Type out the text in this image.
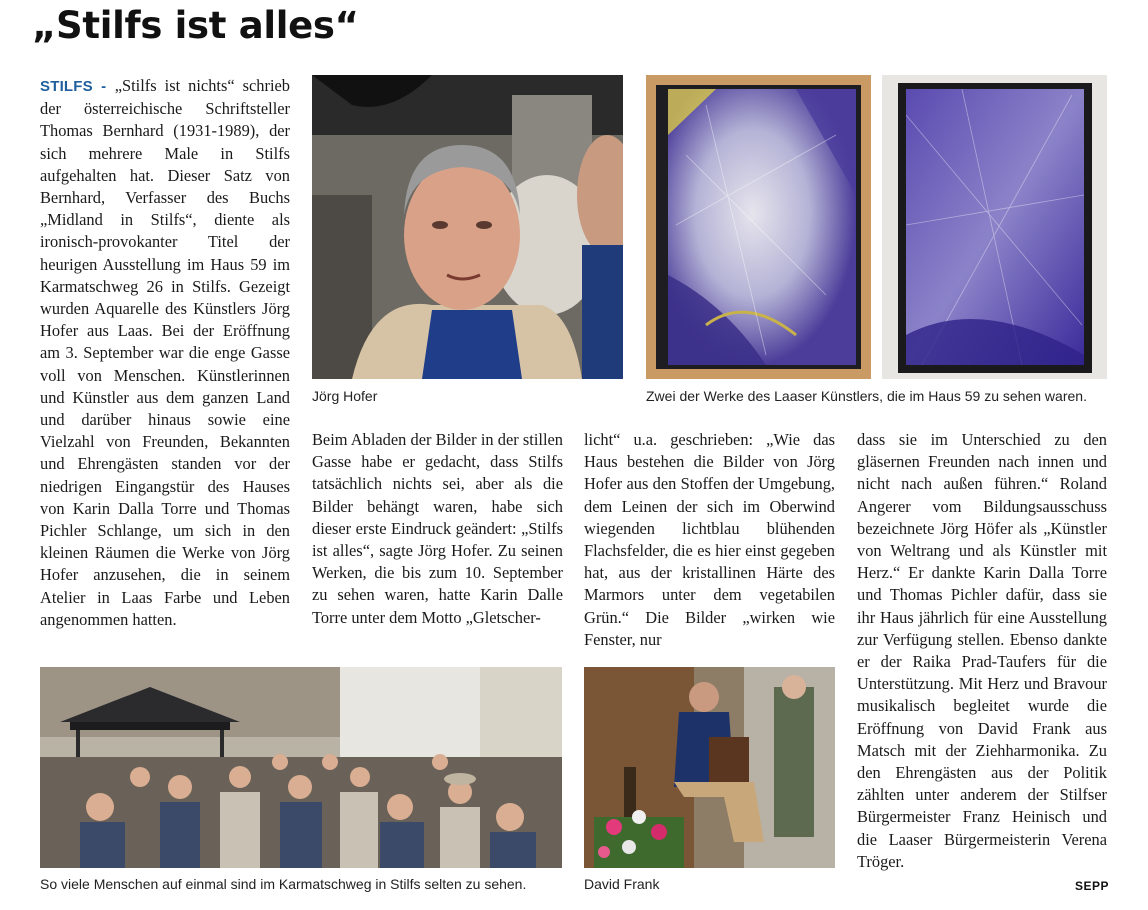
„Stilfs ist alles“

STILFS - „Stilfs ist nichts“ schrieb der österreichische Schriftsteller Thomas Bernhard (1931-1989), der sich mehrere Male in Stilfs aufgehalten hat. Dieser Satz von Bernhard, Verfasser des Buchs „Midland in Stilfs“, diente als ironisch-provokanter Titel der heurigen Ausstellung im Haus 59 im Karmatschweg 26 in Stilfs. Gezeigt wurden Aquarelle des Künstlers Jörg Hofer aus Laas. Bei der Eröffnung am 3. September war die enge Gasse voll von Menschen. Künstlerinnen und Künstler aus dem ganzen Land und darüber hinaus sowie eine Vielzahl von Freunden, Bekannten und Ehrengästen standen vor der niedrigen Eingangstür des Hauses von Karin Dalla Torre und Thomas Pichler Schlange, um sich in den kleinen Räumen die Werke von Jörg Hofer anzusehen, die in seinem Atelier in Laas Farbe und Leben angenommen hatten.

Jörg Hofer	Zwei der Werke des Laaser Künstlers, die im Haus 59 zu sehen waren.

Beim Abladen der Bilder in der stillen Gasse habe er gedacht, dass Stilfs tatsächlich nichts sei, aber als die Bilder behängt waren, habe sich dieser erste Eindruck geändert: „Stilfs ist alles“, sagte Jörg Hofer. Zu seinen Werken, die bis zum 10. September zu sehen waren, hatte Karin Dalle Torre unter dem Motto „Gletscher-

licht“ u.a. geschrieben: „Wie das Haus bestehen die Bilder von Jörg Hofer aus den Stoffen der Umgebung, dem Leinen der sich im Oberwind wiegenden lichtblau blühenden Flachsfelder, die es hier einst gegeben hat, aus der kristallinen Härte des Marmors unter dem vegetabilen Grün.“ Die Bilder „wirken wie Fenster, nur

dass sie im Unterschied zu den gläsernen Freunden nach innen und nicht nach außen führen.“ Roland Angerer vom Bildungsausschuss bezeichnete Jörg Höfer als „Künstler von Weltrang und als Künstler mit Herz.“ Er dankte Karin Dalla Torre und Thomas Pichler dafür, dass sie ihr Haus jährlich für eine Ausstellung zur Verfügung stellen. Ebenso dankte er der Raika Prad-Taufers für die Unterstützung. Mit Herz und Bravour musikalisch begleitet wurde die Eröffnung von David Frank aus Matsch mit der Ziehharmonika. Zu den Ehrengästen aus der Politik zählten unter anderem der Stilfser Bürgermeister Franz Heinisch und die Laaser Bürgermeisterin Verena Tröger.

So viele Menschen auf einmal sind im Karmatschweg in Stilfs selten zu sehen.	David Frank	SEPP
